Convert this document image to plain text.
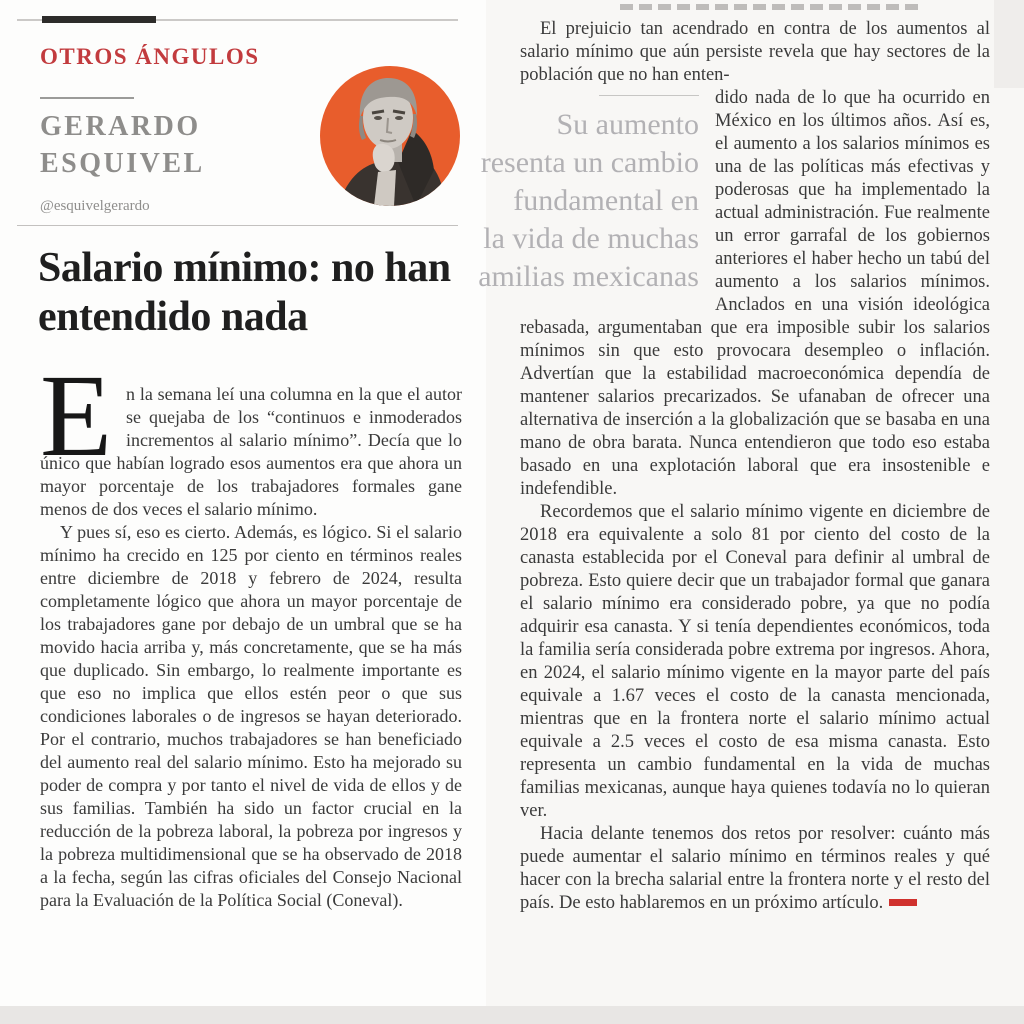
OTROS ÁNGULOS
GERARDO
ESQUIVEL
@esquivelgerardo
Salario mínimo: no han entendido nada

E n la semana leí una columna en la que el autor se quejaba de los “continuos e inmoderados incrementos al salario mínimo”. Decía que lo único que habían logrado esos aumentos era que ahora un mayor porcentaje de los trabajadores formales gane menos de dos veces el salario mínimo.

Y pues sí, eso es cierto. Además, es lógico. Si el salario mínimo ha crecido en 125 por ciento en términos reales entre diciembre de 2018 y febrero de 2024, resulta completamente lógico que ahora un mayor porcentaje de los trabajadores gane por debajo de un umbral que se ha movido hacia arriba y, más concretamente, que se ha más que duplicado. Sin embargo, lo realmente importante es que eso no implica que ellos estén peor o que sus condiciones laborales o de ingresos se hayan deteriorado. Por el contrario, muchos trabajadores se han beneficiado del aumento real del salario mínimo. Esto ha mejorado su poder de compra y por tanto el nivel de vida de ellos y de sus familias. También ha sido un factor crucial en la reducción de la pobreza laboral, la pobreza por ingresos y la pobreza multidimensional que se ha observado de 2018 a la fecha, según las cifras oficiales del Consejo Nacional para la Evaluación de la Política Social (Coneval).

El prejuicio tan acendrado en contra de los aumentos al salario mínimo que aún persiste revela que hay sectores de la población que no han enten-

Su aumento
resenta un cambio
fundamental en
la vida de muchas
amilias mexicanas

dido nada de lo que ha ocurrido en México en los últimos años. Así es, el aumento a los salarios mínimos es una de las políticas más efectivas y poderosas que ha implementado la actual administración. Fue realmente un error garrafal de los gobiernos anteriores el haber hecho un tabú del aumento a los salarios mínimos. Anclados en una visión ideológica rebasada, argumentaban que era imposible subir los salarios mínimos sin que esto provocara desempleo o inflación. Advertían que la estabilidad macroeconómica dependía de mantener salarios precarizados. Se ufanaban de ofrecer una alternativa de inserción a la globalización que se basaba en una mano de obra barata. Nunca entendieron que todo eso estaba basado en una explotación laboral que era insostenible e indefendible.

Recordemos que el salario mínimo vigente en diciembre de 2018 era equivalente a solo 81 por ciento del costo de la canasta establecida por el Coneval para definir al umbral de pobreza. Esto quiere decir que un trabajador formal que ganara el salario mínimo era considerado pobre, ya que no podía adquirir esa canasta. Y si tenía dependientes económicos, toda la familia sería considerada pobre extrema por ingresos. Ahora, en 2024, el salario mínimo vigente en la mayor parte del país equivale a 1.67 veces el costo de la canasta mencionada, mientras que en la frontera norte el salario mínimo actual equivale a 2.5 veces el costo de esa misma canasta. Esto representa un cambio fundamental en la vida de muchas familias mexicanas, aunque haya quienes todavía no lo quieran ver.

Hacia delante tenemos dos retos por resolver: cuánto más puede aumentar el salario mínimo en términos reales y qué hacer con la brecha salarial entre la frontera norte y el resto del país. De esto hablaremos en un próximo artículo.
